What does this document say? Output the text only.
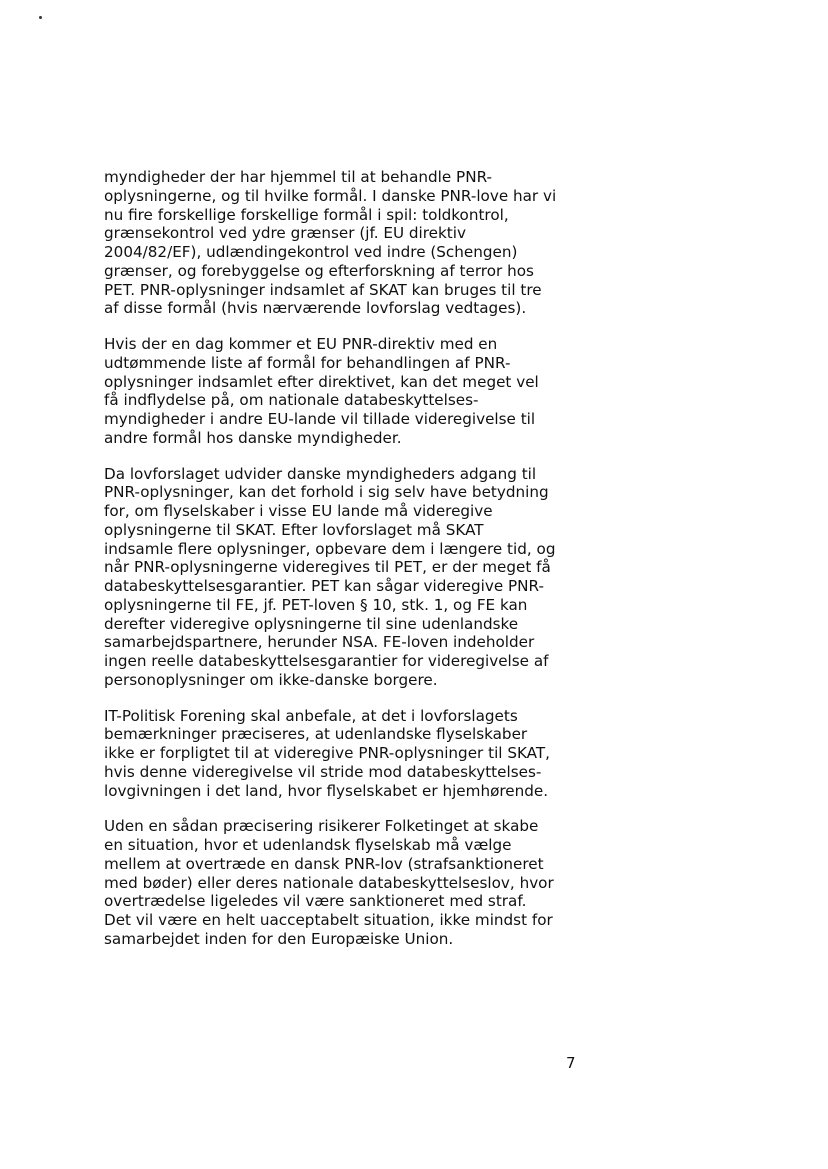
myndigheder der har hjemmel til at behandle PNR-
oplysningerne, og til hvilke formål. I danske PNR-love har vi
nu fire forskellige forskellige formål i spil: toldkontrol,
grænsekontrol ved ydre grænser (jf. EU direktiv
2004/82/EF), udlændingekontrol ved indre (Schengen)
grænser, og forebyggelse og efterforskning af terror hos
PET. PNR-oplysninger indsamlet af SKAT kan bruges til tre
af disse formål (hvis nærværende lovforslag vedtages).

Hvis der en dag kommer et EU PNR-direktiv med en
udtømmende liste af formål for behandlingen af PNR-
oplysninger indsamlet efter direktivet, kan det meget vel
få indflydelse på, om nationale databeskyttelses-
myndigheder i andre EU-lande vil tillade videregivelse til
andre formål hos danske myndigheder.

Da lovforslaget udvider danske myndigheders adgang til
PNR-oplysninger, kan det forhold i sig selv have betydning
for, om flyselskaber i visse EU lande må videregive
oplysningerne til SKAT. Efter lovforslaget må SKAT
indsamle flere oplysninger, opbevare dem i længere tid, og
når PNR-oplysningerne videregives til PET, er der meget få
databeskyttelsesgarantier. PET kan sågar videregive PNR-
oplysningerne til FE, jf. PET-loven § 10, stk. 1, og FE kan
derefter videregive oplysningerne til sine udenlandske
samarbejdspartnere, herunder NSA. FE-loven indeholder
ingen reelle databeskyttelsesgarantier for videregivelse af
personoplysninger om ikke-danske borgere.

IT-Politisk Forening skal anbefale, at det i lovforslagets
bemærkninger præciseres, at udenlandske flyselskaber
ikke er forpligtet til at videregive PNR-oplysninger til SKAT,
hvis denne videregivelse vil stride mod databeskyttelses-
lovgivningen i det land, hvor flyselskabet er hjemhørende.

Uden en sådan præcisering risikerer Folketinget at skabe
en situation, hvor et udenlandsk flyselskab må vælge
mellem at overtræde en dansk PNR-lov (strafsanktioneret
med bøder) eller deres nationale databeskyttelseslov, hvor
overtrædelse ligeledes vil være sanktioneret med straf.
Det vil være en helt uacceptabelt situation, ikke mindst for
samarbejdet inden for den Europæiske Union.

7
